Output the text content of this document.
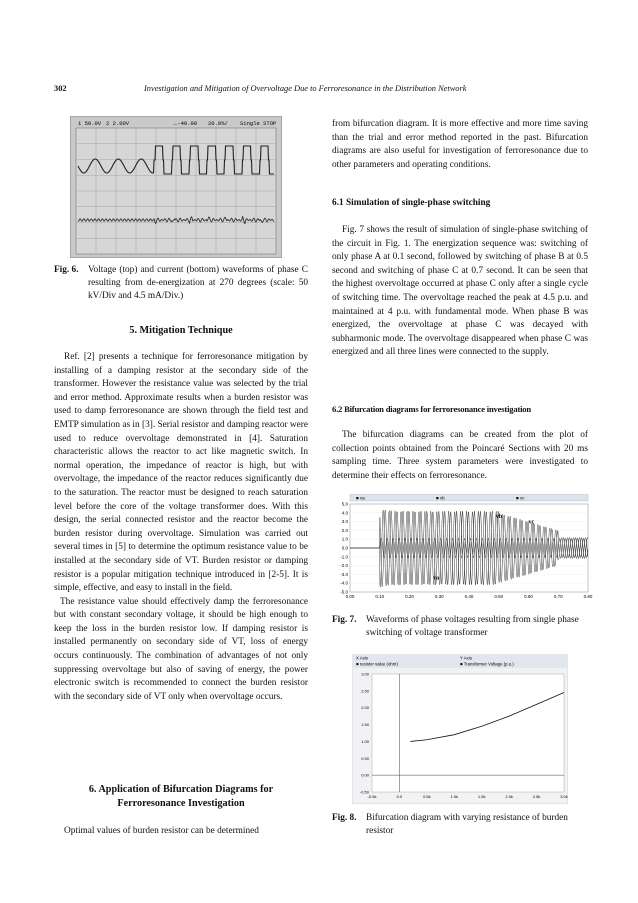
302	Investigation and Mitigation of Overvoltage Due to Ferroresonance in the Distribution Network
1 50.0V 2 2.00V	←-40.00 20.0%/ Single STOP
Fig. 6.	Voltage (top) and current (bottom) waveforms of phase C resulting from de-energization at 270 degrees (scale: 50 kV/Div and 4.5 mA/Div.)
5. Mitigation Technique

Ref. [2] presents a technique for ferroresonance mitigation by installing of a damping resistor at the secondary side of the transformer. However the resistance value was selected by the trial and error method. Approximate results when a burden resistor was used to damp ferroresonance are shown through the field test and EMTP simulation as in [3]. Serial resistor and damping reactor were used to reduce overvoltage demonstrated in [4]. Saturation characteristic allows the reactor to act like magnetic switch. In normal operation, the impedance of reactor is high, but with overvoltage, the impedance of the reactor reduces significantly due to the saturation. The reactor must be designed to reach saturation level before the core of the voltage transformer does. With this design, the serial connected resistor and the reactor become the burden resistor during overvoltage. Simulation was carried out several times in [5] to determine the optimum resistance value to be installed at the secondary side of VT. Burden resistor or damping resistor is a popular mitigation technique introduced in [2-5]. It is simple, effective, and easy to install in the field.

The resistance value should effectively damp the ferroresonance but with constant secondary voltage, it should be high enough to keep the loss in the burden resistor low. If damping resistor is installed permanently on secondary side of VT, loss of energy occurs continuously. The combination of advantages of not only suppressing overvoltage but also of saving of energy, the power electronic switch is recommended to connect the burden resistor with the secondary side of VT only when overvoltage occurs.

6. Application of Bifurcation Diagrams for
Ferroresonance Investigation

Optimal values of burden resistor can be determined

from bifurcation diagram. It is more effective and more time saving than the trial and error method reported in the past. Bifurcation diagrams are also useful for investigation of ferroresonance due to other parameters and operating conditions.

6.1 Simulation of single-phase switching

Fig. 7 shows the result of simulation of single-phase switching of the circuit in Fig. 1. The energization sequence was: switching of only phase A at 0.1 second, followed by switching of phase B at 0.5 second and switching of phase C at 0.7 second. It can be seen that the highest overvoltage occurred at phase C only after a single cycle of switching time. The overvoltage reached the peak at 4.5 p.u. and maintained at 4 p.u. with fundamental mode. When phase B was energized, the overvoltage at phase C was decayed with subharmonic mode. The overvoltage disappeared when phase C was energized and all three lines were connected to the supply.

6.2 Bifurcation diagrams for ferroresonance investigation

The bifurcation diagrams can be created from the plot of collection points obtained from the Poincaré Sections with 20 ms sampling time. Three system parameters were investigated to determine their effects on ferroresonance.

■ va	■ vb	■ vc
5.0
4.0
3.0
2.0
1.0
0.0
-1.0
-2.0
-3.0
-4.0
-5.0
0.00	0.10	0.20	0.30	0.40	0.50	0.60	0.70	0.80
va
vb
vc
Fig. 7.	Waveforms of phase voltages resulting from single phase switching of voltage transformer
X Axis	Y Axis
■ resistor value (ohm)	■ Transformer Voltage (p.u.)
3.00
2.50
2.00
1.50
1.00
0.50
0.00
-0.50
-0.5k	0.0	0.5k	1.0k	1.5k	2.0k	2.5k	3.0k
Fig. 8.	Bifurcation diagram with varying resistance of burden resistor
